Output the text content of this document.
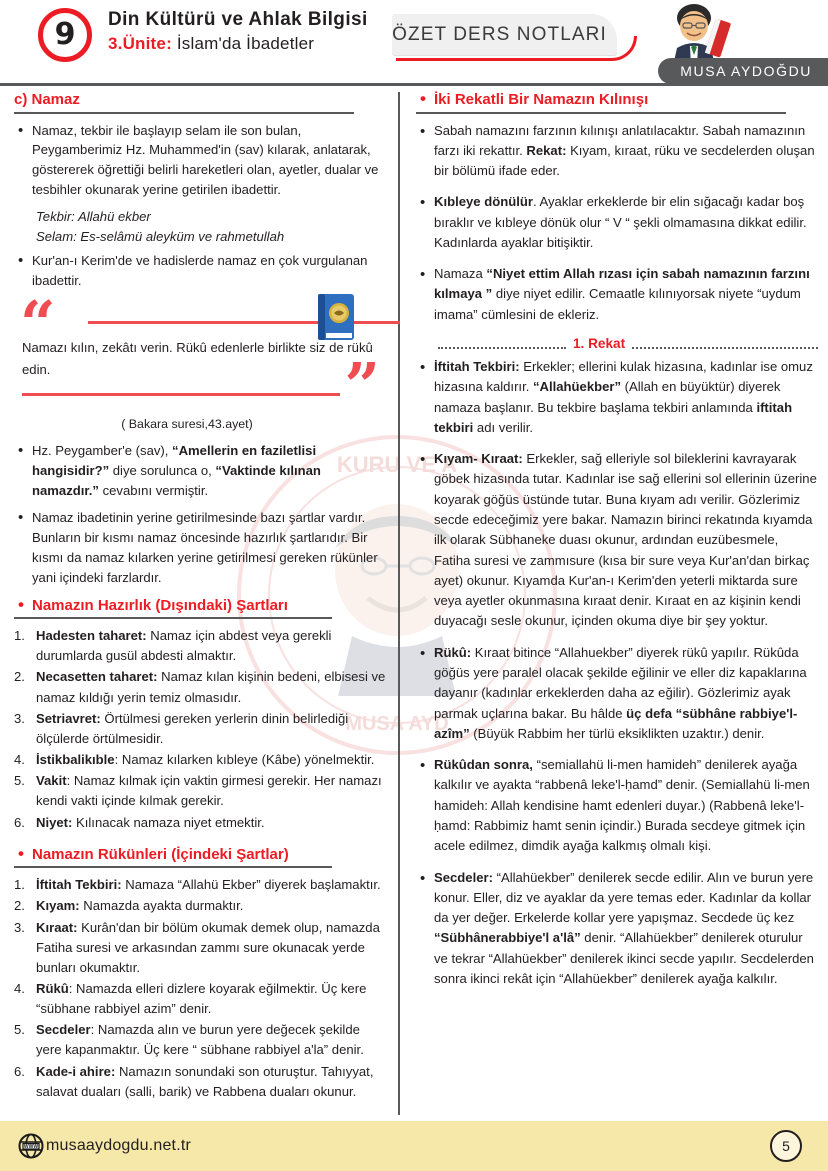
9 Din Kültürü ve Ahlak Bilgisi
3.Ünite: İslam'da İbadetler	ÖZET DERS NOTLARI
MUSA AYDOĞDU
KURU VE A
MUSA AYD
c) Namaz
• Namaz, tekbir ile başlayıp selam ile son bulan, Peygamberimiz Hz. Muhammed'in (sav) kılarak, anlatarak, göstererek öğrettiği belirli hareketleri olan, ayetler, dualar ve tesbihler okunarak yerine getirilen ibadettir.
Tekbir: Allahü ekber
Selam: Es-selâmü aleyküm ve rahmetullah
• Kur'an-ı Kerim'de ve hadislerde namaz en çok vurgulanan ibadettir.
“
Namazı kılın, zekâtı verin. Rükû edenlerle birlikte siz de rükû edin.	”
( Bakara suresi,43.ayet)
• Hz. Peygamber'e (sav), “Amellerin en faziletlisi hangisidir?” diye sorulunca o, “Vaktinde kılınan namazdır.” cevabını vermiştir.
• Namaz ibadetinin yerine getirilmesinde bazı şartlar vardır. Bunların bir kısmı namaz öncesinde hazırlık şartlarıdır. Bir kısmı da namaz kılarken yerine getirilmesi gereken rükünler yani içindeki farzlardır.
• Namazın Hazırlık (Dışındaki) Şartları
Hadesten taharet: Namaz için abdest veya gerekli durumlarda gusül abdesti almaktır.
Necasetten taharet: Namaz kılan kişinin bedeni, elbisesi ve namaz kıldığı yerin temiz olmasıdır.
Setriavret: Örtülmesi gereken yerlerin dinin belirlediği ölçülerde örtülmesidir.
İstikbalikıble: Namaz kılarken kıbleye (Kâbe) yönelmektir.
Vakit: Namaz kılmak için vaktin girmesi gerekir. Her namazı kendi vakti içinde kılmak gerekir.
Niyet: Kılınacak namaza niyet etmektir.
• Namazın Rükünleri (İçindeki Şartlar)
İftitah Tekbiri: Namaza “Allahü Ekber” diyerek başlamaktır.
Kıyam: Namazda ayakta durmaktır.
Kıraat: Kurân'dan bir bölüm okumak demek olup, namazda Fatiha suresi ve arkasından zammı sure okunacak yerde bunları okumaktır.
Rükû: Namazda elleri dizlere koyarak eğilmektir. Üç kere “sübhane rabbiyel azim” denir.
Secdeler: Namazda alın ve burun yere değecek şekilde yere kapanmaktır. Üç kere “ sübhane rabbiyel a'la” denir.
Kade-i ahire: Namazın sonundaki son oturuştur. Tahıyyat, salavat duaları (salli, barik) ve Rabbena duaları okunur.
• İki Rekatli Bir Namazın Kılınışı
• Sabah namazını farzının kılınışı anlatılacaktır. Sabah namazının farzı iki rekattır. Rekat: Kıyam, kıraat, rüku ve secdelerden oluşan bir bölümü ifade eder.
• Kıbleye dönülür. Ayaklar erkeklerde bir elin sığacağı kadar boş bıraklır ve kıbleye dönük olur “ V “ şekli olmamasına dikkat edilir. Kadınlarda ayaklar bitişiktir.
• Namaza “Niyet ettim Allah rızası için sabah namazının farzını kılmaya ” diye niyet edilir. Cemaatle kılınıyorsak niyete “uydum imama” cümlesini de ekleriz.
1. Rekat
• İftitah Tekbiri: Erkekler; ellerini kulak hizasına, kadınlar ise omuz hizasına kaldırır. “Allahüekber” (Allah en büyüktür) diyerek namaza başlanır. Bu tekbire başlama tekbiri anlamında iftitah tekbiri adı verilir.
• Kıyam- Kıraat: Erkekler, sağ elleriyle sol bileklerini kavrayarak göbek hizasında tutar. Kadınlar ise sağ ellerini sol ellerinin üzerine koyarak göğüs üstünde tutar. Buna kıyam adı verilir. Gözlerimiz secde edeceğimiz yere bakar. Namazın birinci rekatında kıyamda ilk olarak Sübhaneke duası okunur, ardından euzübesmele, Fatiha suresi ve zammısure (kısa bir sure veya Kur'an'dan birkaç ayet) okunur. Kıyamda Kur'an-ı Kerim'den yeterli miktarda sure veya ayetler okunmasına kıraat denir. Kıraat en az kişinin kendi duyacağı sesle okunur, içinden okuma diye bir şey yoktur.
• Rükû: Kıraat bitince “Allahuekber” diyerek rükû yapılır. Rükûda göğüs yere paralel olacak şekilde eğilinir ve eller diz kapaklarına dayanır (kadınlar erkeklerden daha az eğilir). Gözlerimiz ayak parmak uçlarına bakar. Bu hâlde üç defa “sübhâne rabbiye'l-azîm” (Büyük Rabbim her türlü eksiklikten uzaktır.) denir.
• Rükûdan sonra, “semiallahü li-men hamideh” denilerek ayağa kalkılır ve ayakta “rabbenâ leke'l-ḥamd” denir. (Semiallahü li-men hamideh: Allah kendisine hamt edenleri duyar.) (Rabbenâ leke'l-ḥamd: Rabbimiz hamt senin içindir.) Burada secdeye gitmek için acele edilmez, dimdik ayağa kalkmış olmalı kişi.
• Secdeler: “Allahüekber” denilerek secde edilir. Alın ve burun yere konur. Eller, diz ve ayaklar da yere temas eder. Kadınlar da kollar da yer değer. Erkelerde kollar yere yapışmaz. Secdede üç kez “Sübhânerabbiye'l a'lâ” denir. “Allahüekber” denilerek oturulur ve tekrar “Allahüekber” denilerek ikinci secde yapılır. Secdelerden sonra ikinci rekât için “Allahüekber” denilerek ayağa kalkılır.
WWW musaaydogdu.net.tr	5
